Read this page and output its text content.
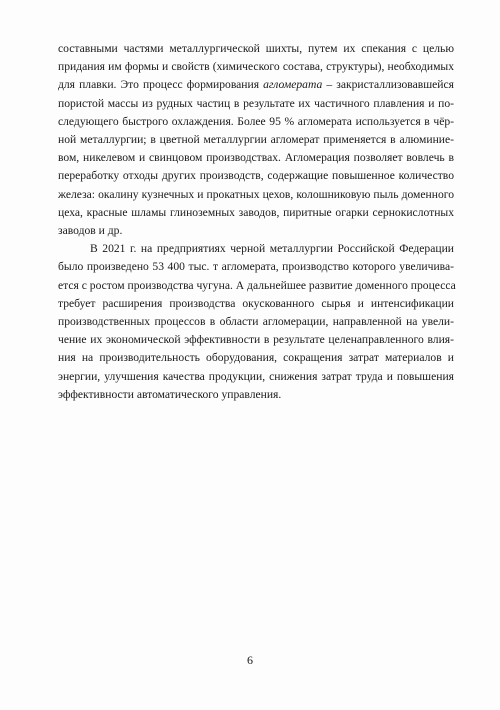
составными частями металлургической шихты, путем их спекания с целью
придания им формы и свойств (химического состава, структуры), необходимых
для плавки. Это процесс формирования агломерата – закристаллизовавшейся
пористой массы из рудных частиц в результате их частичного плавления и по-
следующего быстрого охлаждения. Более 95 % агломерата используется в чёр-
ной металлургии; в цветной металлургии агломерат применяется в алюминие-
вом, никелевом и свинцовом производствах. Агломерация позволяет вовлечь в
переработку отходы других производств, содержащие повышенное количество
железа: окалину кузнечных и прокатных цехов, колошниковую пыль доменного
цеха, красные шламы глиноземных заводов, пиритные огарки сернокислотных
заводов и др.

В 2021 г. на предприятиях черной металлургии Российской Федерации
было произведено 53 400 тыс. т агломерата, производство которого увеличива-
ется с ростом производства чугуна. А дальнейшее развитие доменного процесса
требует расширения производства окускованного сырья и интенсификации
производственных процессов в области агломерации, направленной на увели-
чение их экономической эффективности в результате целенаправленного влия-
ния на производительность оборудования, сокращения затрат материалов и
энергии, улучшения качества продукции, снижения затрат труда и повышения
эффективности автоматического управления.

6
